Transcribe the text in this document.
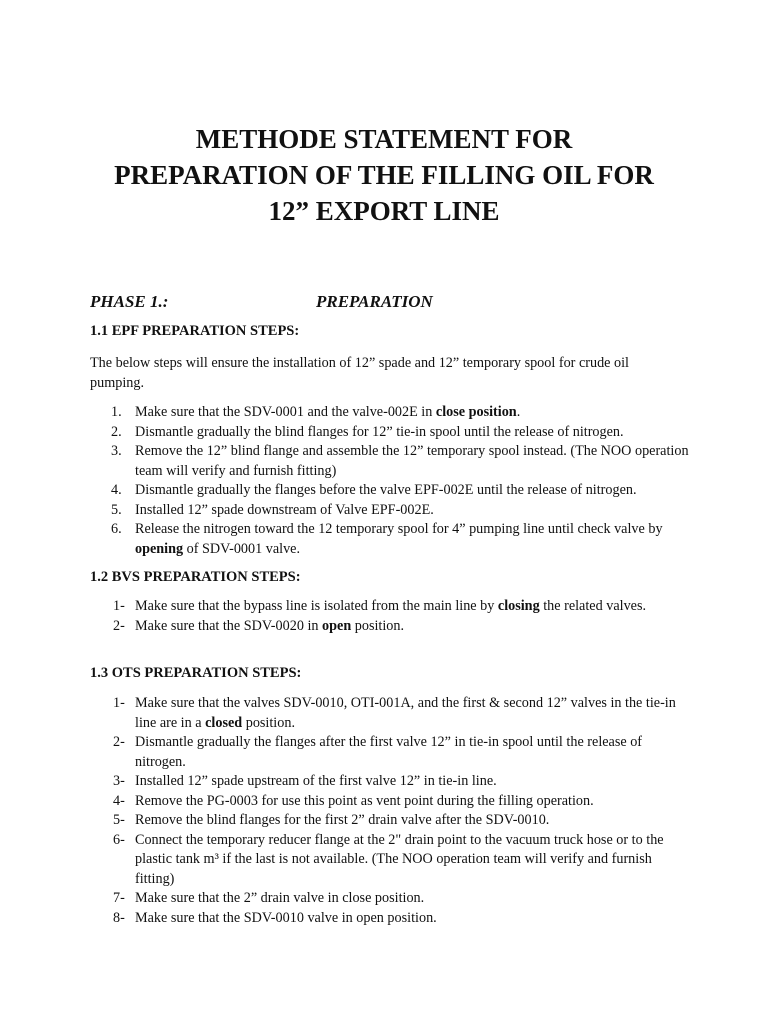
METHODE STATEMENT FOR
PREPARATION OF THE FILLING OIL FOR
12” EXPORT LINE
PHASE 1.:	PREPARATION
1.1 EPF PREPARATION STEPS:
The below steps will ensure the installation of 12” spade and 12” temporary spool for crude oil pumping.
1. Make sure that the SDV-0001 and the valve-002E in close position.
2. Dismantle gradually the blind flanges for 12” tie-in spool until the release of nitrogen.
3. Remove the 12” blind flange and assemble the 12” temporary spool instead. (The NOO operation team will verify and furnish fitting)
4. Dismantle gradually the flanges before the valve EPF-002E until the release of nitrogen.
5. Installed 12” spade downstream of Valve EPF-002E.
6. Release the nitrogen toward the 12 temporary spool for 4” pumping line until check valve by opening of SDV-0001 valve.
1.2 BVS PREPARATION STEPS:
1- Make sure that the bypass line is isolated from the main line by closing the related valves.
2- Make sure that the SDV-0020 in open position.
1.3 OTS PREPARATION STEPS:
1- Make sure that the valves SDV-0010, OTI-001A, and the first & second 12” valves in the tie-in line are in a closed position.
2- Dismantle gradually the flanges after the first valve 12” in tie-in spool until the release of nitrogen.
3- Installed 12” spade upstream of the first valve 12” in tie-in line.
4- Remove the PG-0003 for use this point as vent point during the filling operation.
5- Remove the blind flanges for the first 2” drain valve after the SDV-0010.
6- Connect the temporary reducer flange at the 2" drain point to the vacuum truck hose or to the plastic tank m³ if the last is not available. (The NOO operation team will verify and furnish fitting)
7- Make sure that the 2” drain valve in close position.
8- Make sure that the SDV-0010 valve in open position.
